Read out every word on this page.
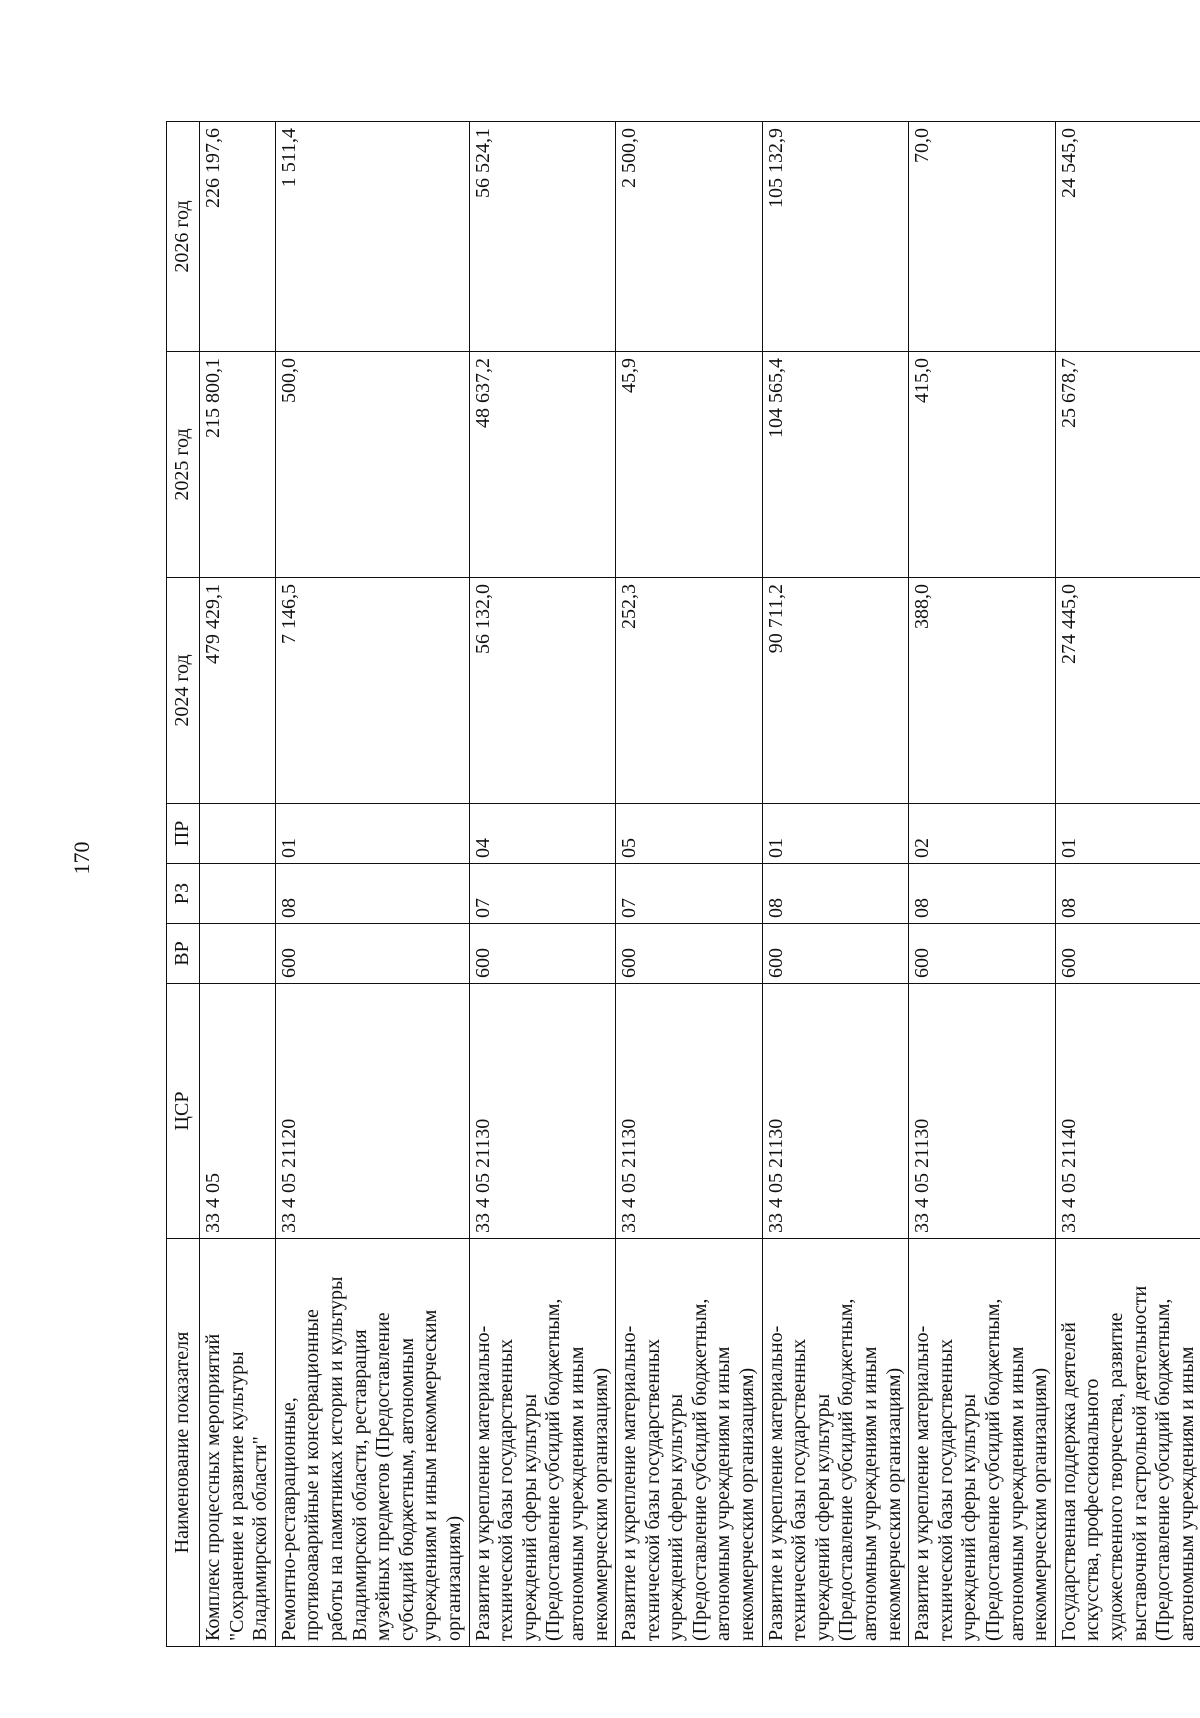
170
Наименование показателя	ЦСР	ВР	РЗ	ПР	2024 год	2025 год	2026 год
Комплекс процессных мероприятий "Сохранение и развитие культуры Владимирской области"	33 4 05				479 429,1	215 800,1	226 197,6
Ремонтно-реставрационные, противоаварийные и консервационные работы на памятниках истории и культуры Владимирской области, реставрация музейных предметов (Предоставление субсидий бюджетным, автономным учреждениям и иным некоммерческим организациям)	33 4 05 21120	600	08	01	7 146,5	500,0	1 511,4
Развитие и укрепление материально-технической базы государственных учреждений сферы культуры (Предоставление субсидий бюджетным, автономным учреждениям и иным некоммерческим организациям)	33 4 05 21130	600	07	04	56 132,0	48 637,2	56 524,1
Развитие и укрепление материально-технической базы государственных учреждений сферы культуры (Предоставление субсидий бюджетным, автономным учреждениям и иным некоммерческим организациям)	33 4 05 21130	600	07	05	252,3	45,9	2 500,0
Развитие и укрепление материально-технической базы государственных учреждений сферы культуры (Предоставление субсидий бюджетным, автономным учреждениям и иным некоммерческим организациям)	33 4 05 21130	600	08	01	90 711,2	104 565,4	105 132,9
Развитие и укрепление материально-технической базы государственных учреждений сферы культуры (Предоставление субсидий бюджетным, автономным учреждениям и иным некоммерческим организациям)	33 4 05 21130	600	08	02	388,0	415,0	70,0
Государственная поддержка деятелей искусства, профессионального художественного творчества, развитие выставочной и гастрольной деятельности (Предоставление субсидий бюджетным, автономным учреждениям и иным	33 4 05 21140	600	08	01	274 445,0	25 678,7	24 545,0
